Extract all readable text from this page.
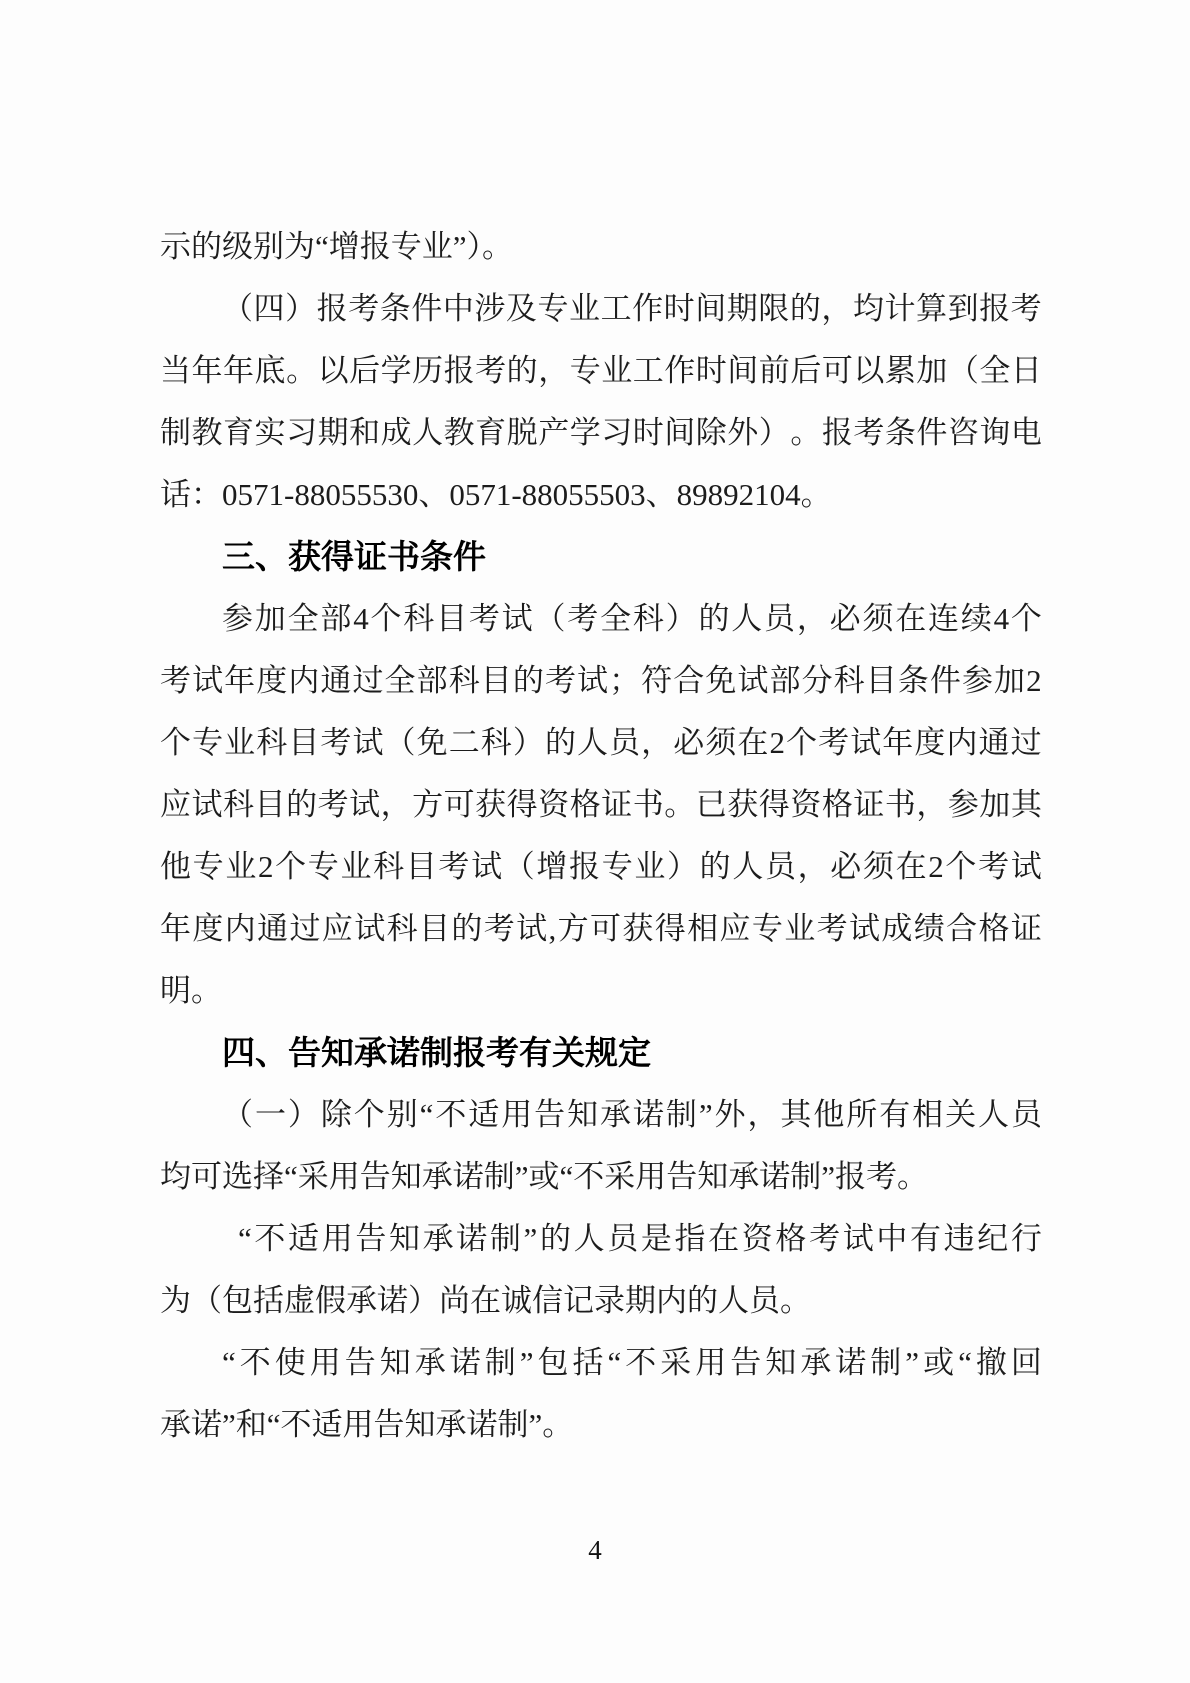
示的级别为“增报专业”）。
（ 四 ） 报 考 条 件 中 涉 及 专 业 工 作 时 间 期 限 的 ， 均 计 算 到 报 考
当 年 年 底 。 以 后 学 历 报 考 的 ， 专 业 工 作 时 间 前 后 可 以 累 加 （ 全 日
制 教 育 实 习 期 和 成 人 教 育 脱 产 学 习 时 间 除 外 ） 。 报 考 条 件 咨 询 电
话：0571-88055530、0571-88055503、89892104。
三、获得证书条件
参 加 全 部 4 个 科 目 考 试 （ 考 全 科 ） 的 人 员 ， 必 须 在 连 续 4 个
考 试 年 度 内 通 过 全 部 科 目 的 考 试 ； 符 合 免 试 部 分 科 目 条 件 参 加 2
个 专 业 科 目 考 试 （ 免 二 科 ） 的 人 员 ， 必 须 在 2 个 考 试 年 度 内 通 过
应 试 科 目 的 考 试 ， 方 可 获 得 资 格 证 书 。 已 获 得 资 格 证 书 ， 参 加 其
他 专 业 2 个 专 业 科 目 考 试 （ 增 报 专 业 ） 的 人 员 ， 必 须 在 2 个 考 试
年 度 内 通 过 应 试 科 目 的 考 试 , 方 可 获 得 相 应 专 业 考 试 成 绩 合 格 证
明。
四、告知承诺制报考有关规定
（ 一 ） 除 个 别 “ 不 适 用 告 知 承 诺 制 ” 外 ， 其 他 所 有 相 关 人 员
均可选择“采用告知承诺制”或“不采用告知承诺制”报考。
“ 不 适 用 告 知 承 诺 制 ” 的 人 员 是 指 在 资 格 考 试 中 有 违 纪 行
为（包括虚假承诺）尚在诚信记录期内的人员。
“ 不 使 用 告 知 承 诺 制 ” 包 括 “ 不 采 用 告 知 承 诺 制 ” 或 “ 撤 回
承诺”和“不适用告知承诺制”。
4
